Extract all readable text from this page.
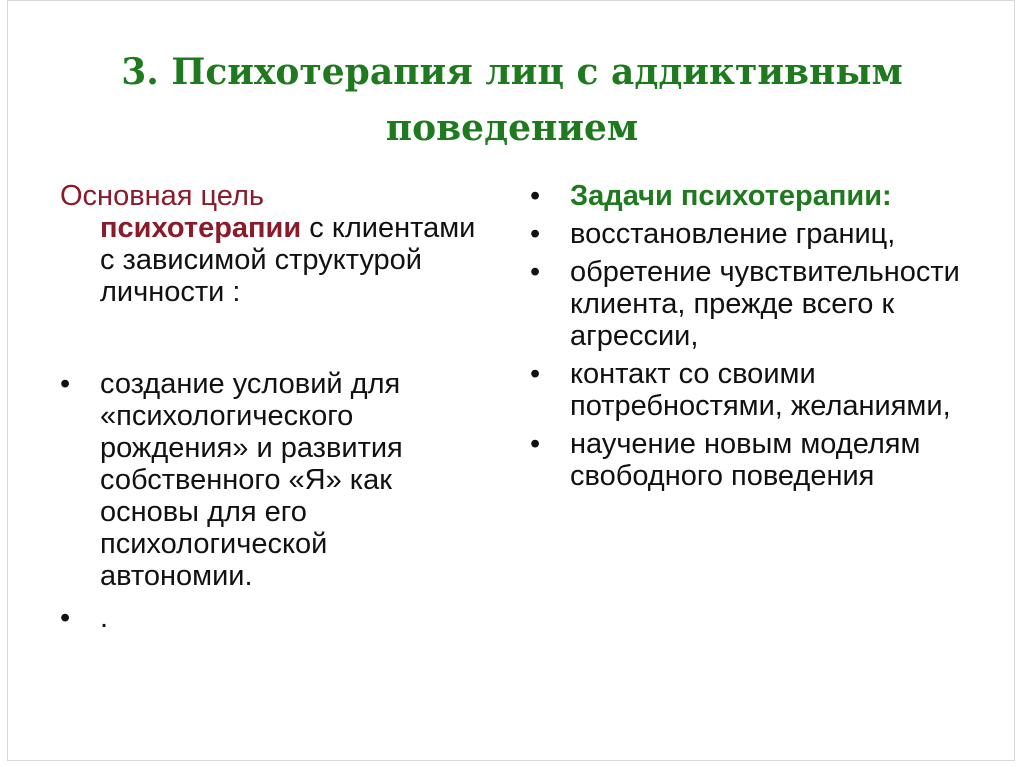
3. Психотерапия лиц с аддиктивным поведением

Основная цель
психотерапии с клиентами с зависимой структурой личности :

•	создание условий для «психологического рождения» и развития собственного «Я» как основы для его психологической автономии.
•	.
•	Задачи психотерапии:
•	восстановление границ,
•	обретение чувствительности клиента, прежде всего к агрессии,
•	контакт со своими потребностями, желаниями,
•	научение новым моделям свободного поведения
